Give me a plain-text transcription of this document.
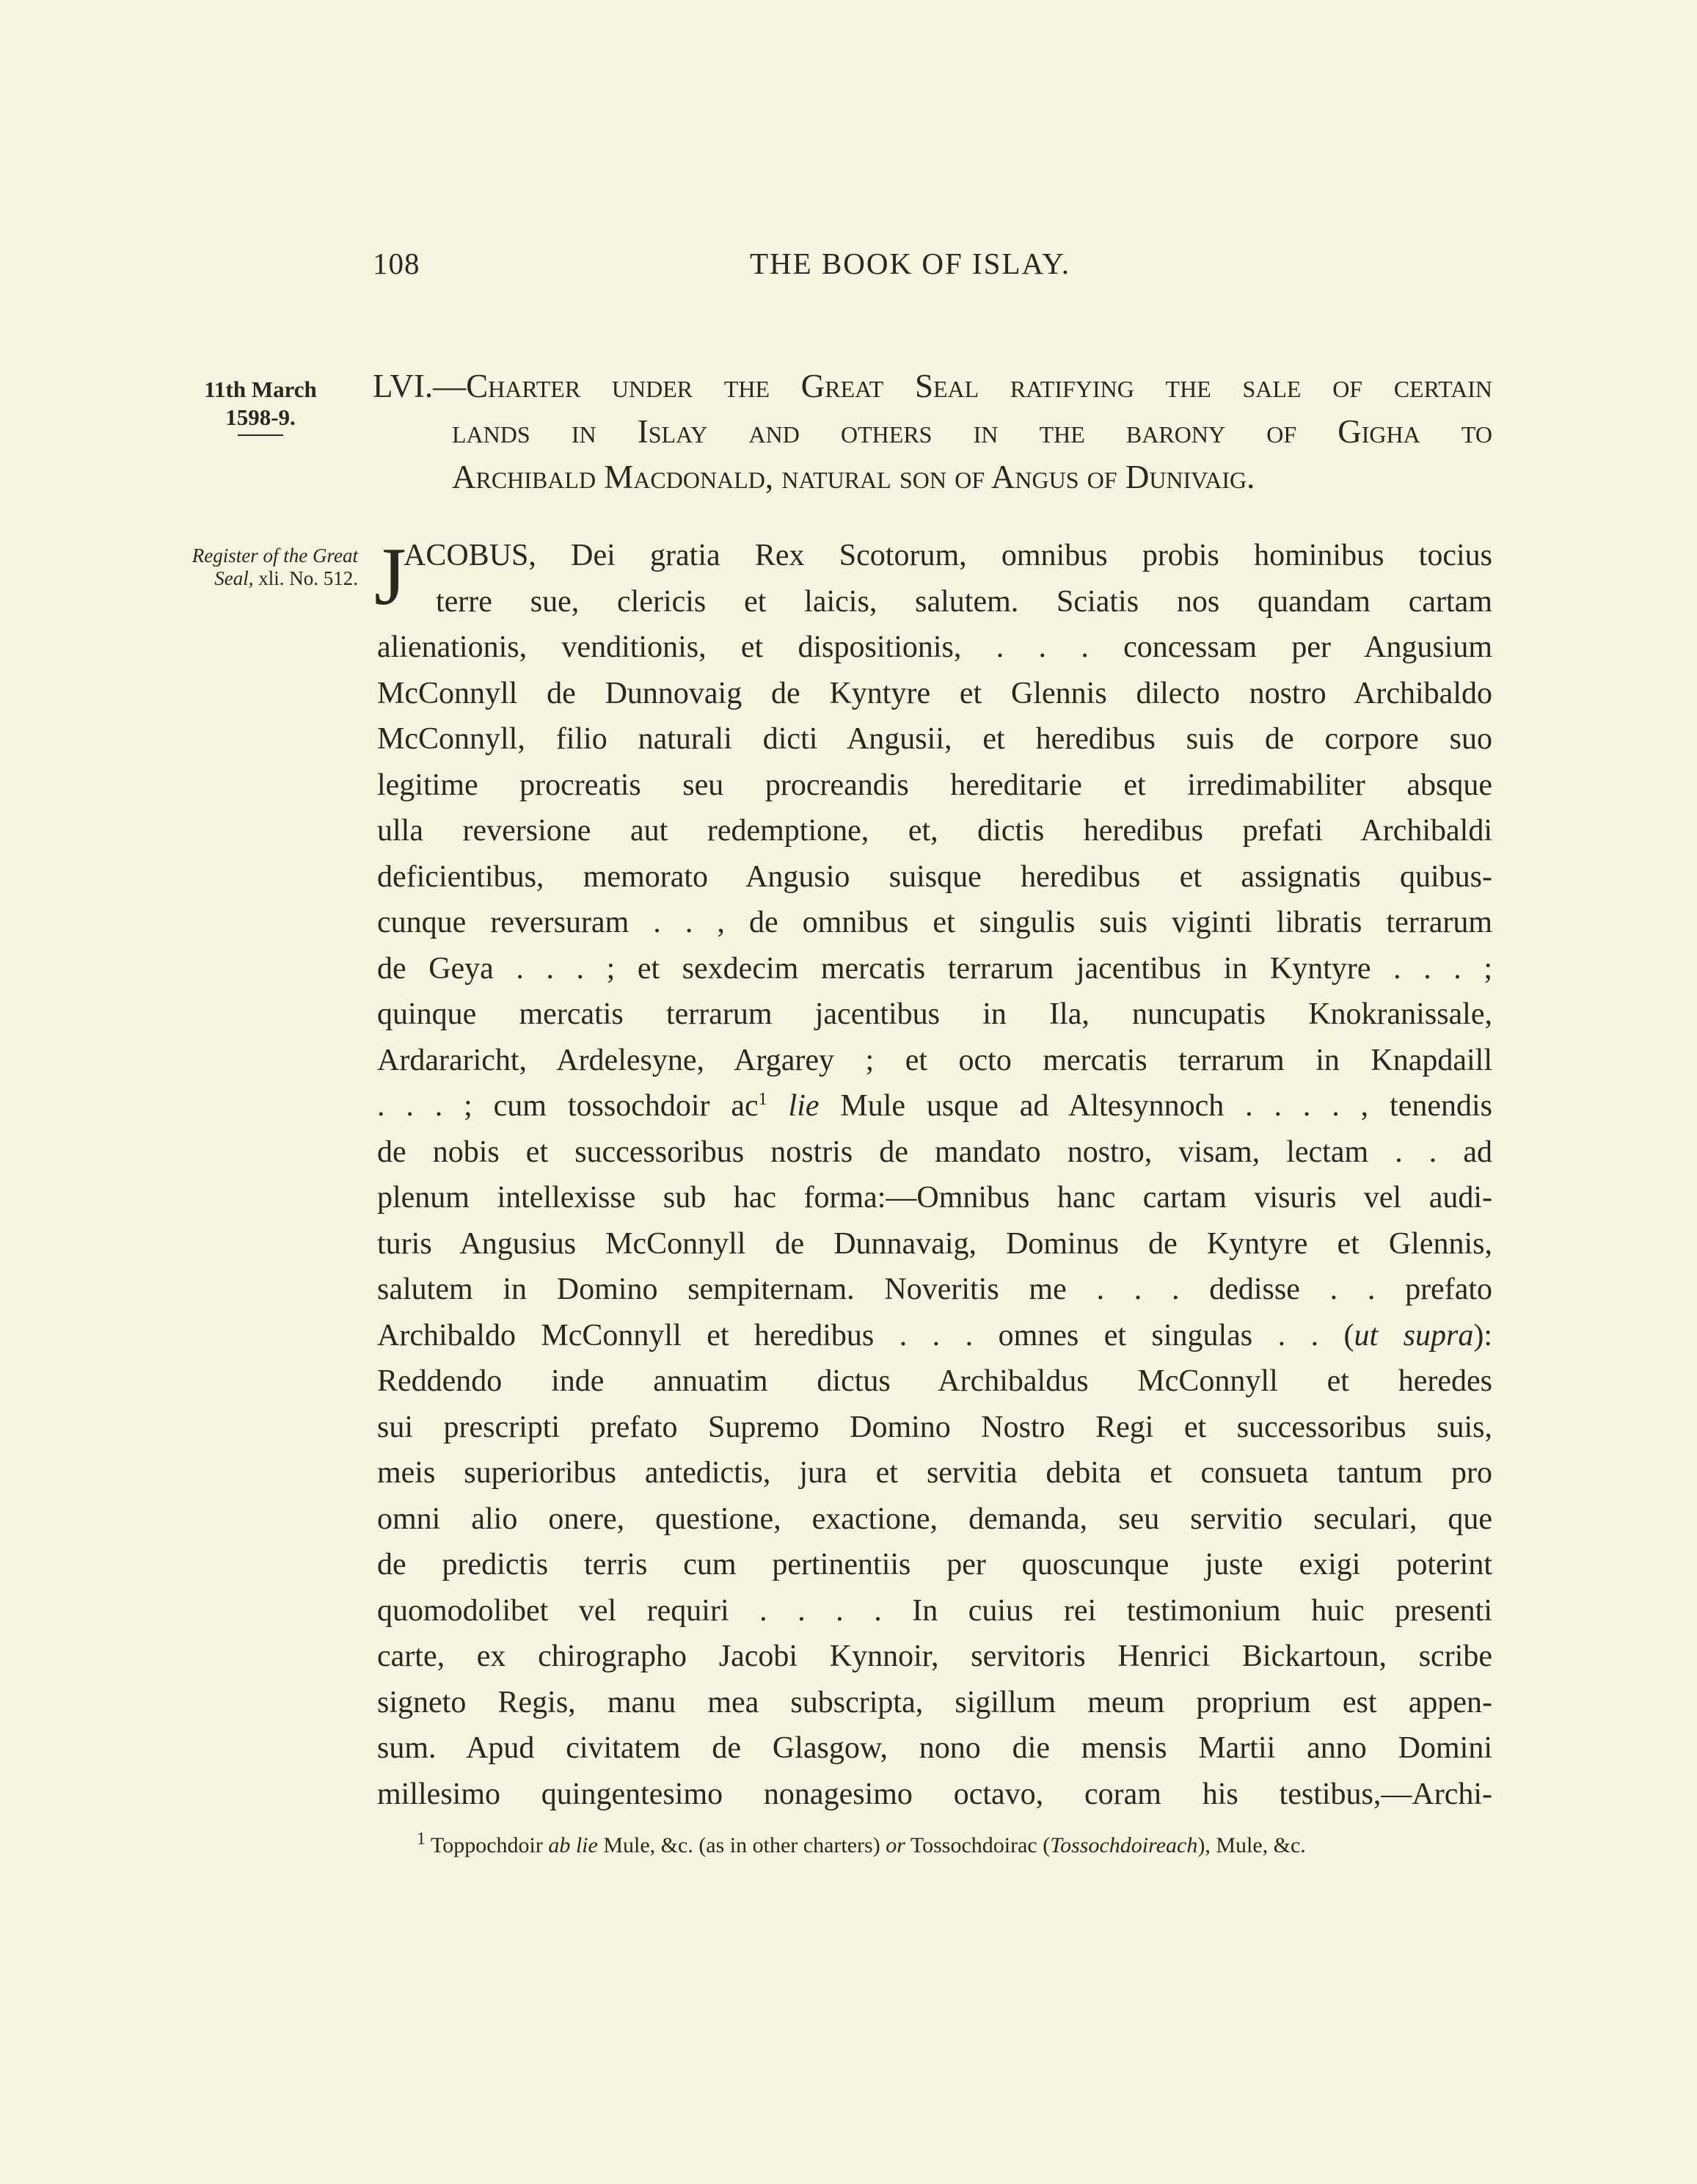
108	THE BOOK OF ISLAY.
11th March
1598-9.
Register of the Great
Seal, xli. No. 512.
LVI.—Charter under the Great Seal ratifying the sale of certain
lands in Islay and others in the barony of Gigha to
Archibald Macdonald, natural son of Angus of Dunivaig.
J
ACOBUS, Dei gratia Rex Scotorum, omnibus probis hominibus tocius
terre sue, clericis et laicis, salutem. Sciatis nos quandam cartam
alienationis, venditionis, et dispositionis, . . . concessam per Angusium
McConnyll de Dunnovaig de Kyntyre et Glennis dilecto nostro Archibaldo
McConnyll, filio naturali dicti Angusii, et heredibus suis de corpore suo
legitime procreatis seu procreandis hereditarie et irredimabiliter absque
ulla reversione aut redemptione, et, dictis heredibus prefati Archibaldi
deficientibus, memorato Angusio suisque heredibus et assignatis quibus-
cunque reversuram . . , de omnibus et singulis suis viginti libratis terrarum
de Geya . . . ; et sexdecim mercatis terrarum jacentibus in Kyntyre . . . ;
quinque mercatis terrarum jacentibus in Ila, nuncupatis Knokranissale,
Ardararicht, Ardelesyne, Argarey ; et octo mercatis terrarum in Knapdaill
. . . ; cum tossochdoir $ac^1$ lie Mule usque ad Altesynnoch . . . . , tenendis
de nobis et successoribus nostris de mandato nostro, visam, lectam . . ad
plenum intellexisse sub hac forma:—Omnibus hanc cartam visuris vel audi-
turis Angusius McConnyll de Dunnavaig, Dominus de Kyntyre et Glennis,
salutem in Domino sempiternam. Noveritis me . . . dedisse . . prefato
Archibaldo McConnyll et heredibus . . . omnes et singulas . . (ut supra):
Reddendo inde annuatim dictus Archibaldus McConnyll et heredes
sui prescripti prefato Supremo Domino Nostro Regi et successoribus suis,
meis superioribus antedictis, jura et servitia debita et consueta tantum pro
omni alio onere, questione, exactione, demanda, seu servitio seculari, que
de predictis terris cum pertinentiis per quoscunque juste exigi poterint
quomodolibet vel requiri . . . . In cuius rei testimonium huic presenti
carte, ex chirographo Jacobi Kynnoir, servitoris Henrici Bickartoun, scribe
signeto Regis, manu mea subscripta, sigillum meum proprium est appen-
sum. Apud civitatem de Glasgow, nono die mensis Martii anno Domini
millesimo quingentesimo nonagesimo octavo, coram his testibus,—Archi-
$^1$ Toppochdoir ab lie Mule, &c. (as in other charters) or Tossochdoirac (Tossochdoireach), Mule, &c.
